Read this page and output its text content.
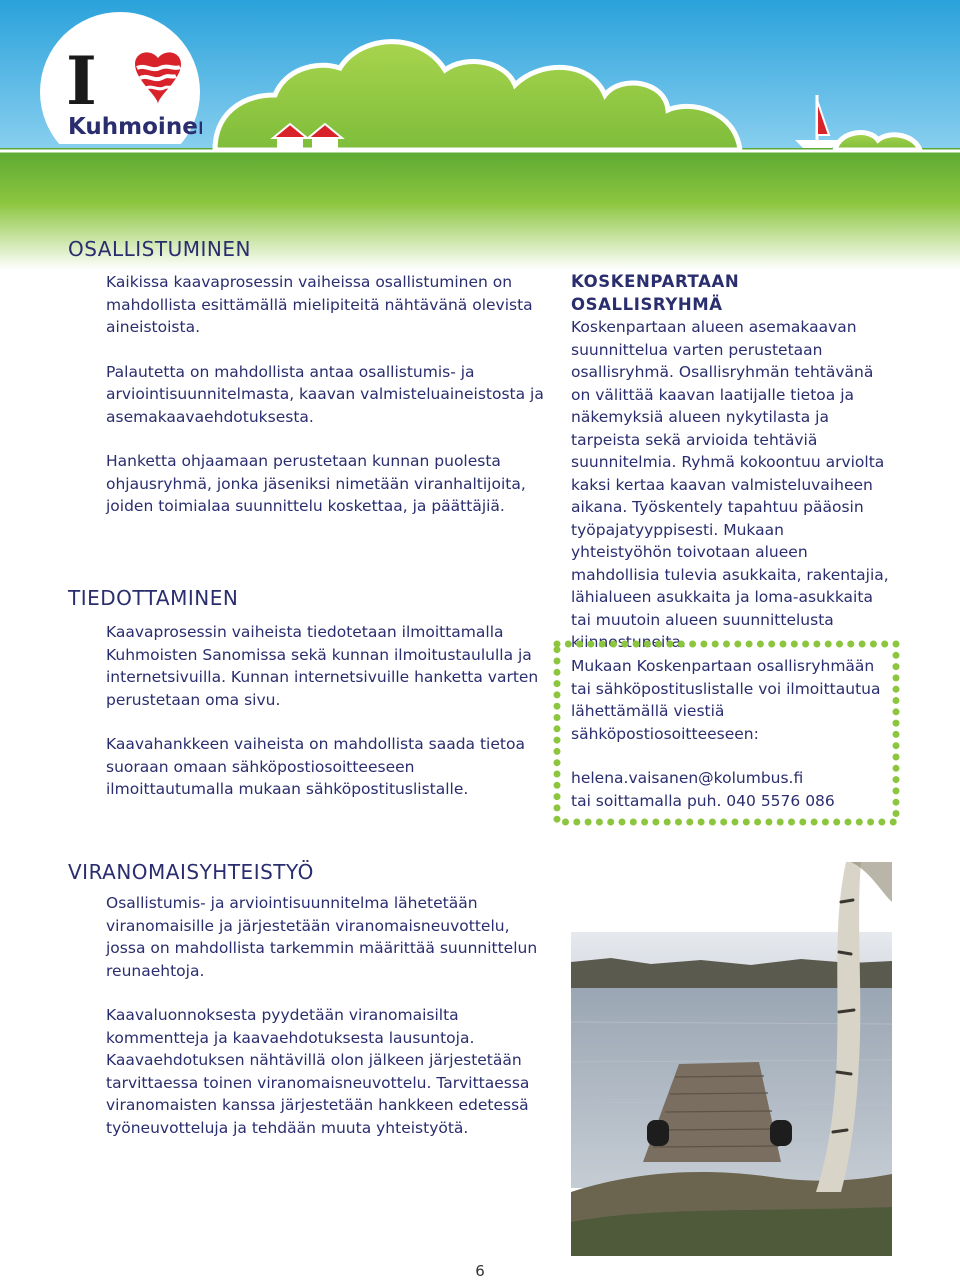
I
Kuhmoinen
OSALLISTUMINEN

Kaikissa kaavaprosessin vaiheissa osallistuminen on mahdollista esittämällä mielipiteitä nähtävänä olevista aineistoista.

Palautetta on mahdollista antaa osallistumis- ja arviointisuunnitelmasta, kaavan valmisteluaineistosta ja asemakaavaehdotuksesta.

Hanketta ohjaamaan perustetaan kunnan puolesta ohjausryhmä, jonka jäseniksi nimetään viranhaltijoita, joiden toimialaa suunnittelu koskettaa, ja päättäjiä.

TIEDOTTAMINEN

Kaavaprosessin vaiheista tiedotetaan ilmoittamalla Kuhmoisten Sanomissa sekä kunnan ilmoitustaululla ja internetsivuilla. Kunnan internetsivuille hanketta varten perustetaan oma sivu.

Kaavahankkeen vaiheista on mahdollista saada tietoa suoraan omaan sähköpostiosoitteeseen ilmoittautumalla mukaan sähköpostituslistalle.

VIRANOMAISYHTEISTYÖ

Osallistumis- ja arviointisuunnitelma lähetetään viranomaisille ja järjestetään viranomaisneuvottelu, jossa on mahdollista tarkemmin määrittää suunnittelun reunaehtoja.

Kaavaluonnoksesta pyydetään viranomaisilta kommentteja ja kaavaehdotuksesta lausuntoja. Kaavaehdotuksen nähtävillä olon jälkeen järjestetään tarvittaessa toinen viranomaisneuvottelu. Tarvittaessa viranomaisten kanssa järjestetään hankkeen edetessä työneuvotteluja ja tehdään muuta yhteistyötä.

KOSKENPARTAAN OSALLISRYHMÄ
Koskenpartaan alueen asemakaavan suunnittelua varten perustetaan osallisryhmä. Osallisryhmän tehtävänä on välittää kaavan laatijalle tietoa ja näkemyksiä alueen nykytilasta ja tarpeista sekä arvioida tehtäviä suunnitelmia. Ryhmä kokoontuu arviolta kaksi kertaa kaavan valmisteluvaiheen aikana. Työskentely tapahtuu pääosin työpajatyyppisesti. Mukaan yhteistyöhön toivotaan alueen mahdollisia tulevia asukkaita, rakentajia, lähialueen asukkaita ja loma-asukkaita tai muutoin alueen suunnittelusta kiinnostuneita.

Mukaan Koskenpartaan osallisryhmään tai sähköpostituslistalle voi ilmoittautua lähettämällä viestiä sähköpostiosoitteeseen:

helena.vaisanen@kolumbus.fi
tai soittamalla puh. 040 5576 086
6
